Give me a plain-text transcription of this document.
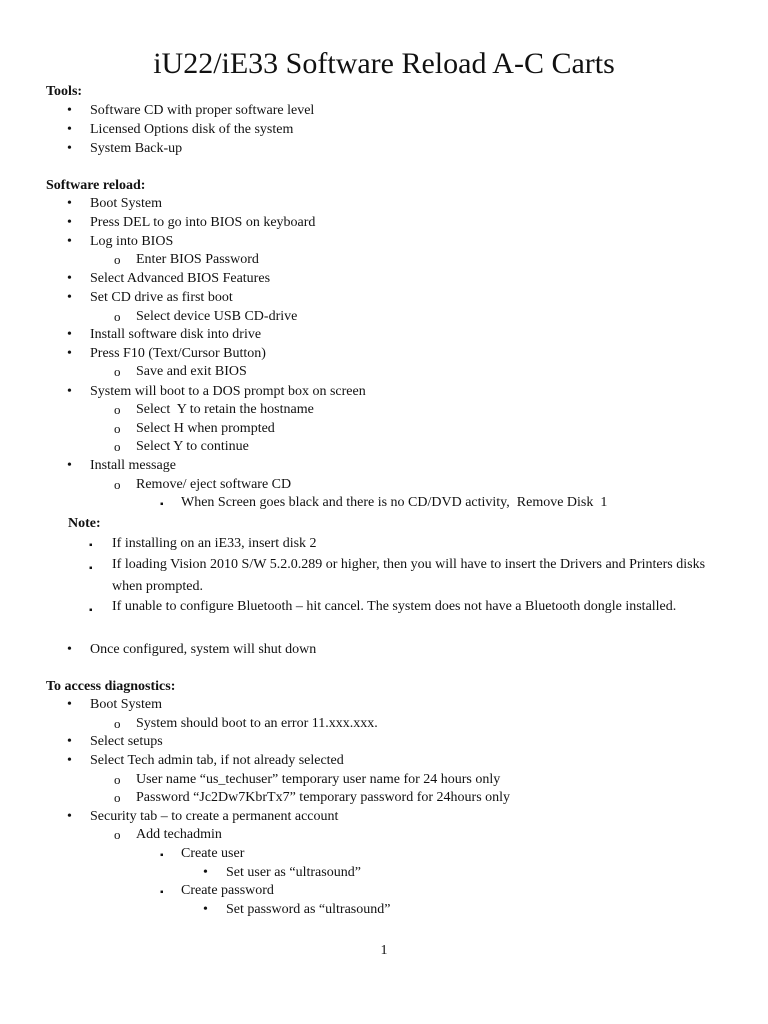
iU22/iE33 Software Reload A-C Carts
Tools:
• Software CD with proper software level
• Licensed Options disk of the system
• System Back-up
Software reload:
• Boot System
• Press DEL to go into BIOS on keyboard
• Log into BIOS
o Enter BIOS Password
• Select Advanced BIOS Features
• Set CD drive as first boot
o Select device USB CD-drive
• Install software disk into drive
• Press F10 (Text/Cursor Button)
o Save and exit BIOS
• System will boot to a DOS prompt box on screen
o Select  Y to retain the hostname
o Select H when prompted
o Select Y to continue
• Install message
o Remove/ eject software CD
▪ When Screen goes black and there is no CD/DVD activity,  Remove Disk  1
Note:
▪ If installing on an iE33, insert disk 2
▪ If loading Vision 2010 S/W 5.2.0.289 or higher, then you will have to insert the Drivers and Printers disks when prompted.
▪ If unable to configure Bluetooth – hit cancel. The system does not have a Bluetooth dongle installed.
• Once configured, system will shut down
To access diagnostics:
• Boot System
o System should boot to an error 11.xxx.xxx.
• Select setups
• Select Tech admin tab, if not already selected
o User name “us_techuser” temporary user name for 24 hours only
o Password “Jc2Dw7KbrTx7” temporary password for 24hours only
• Security tab – to create a permanent account
o Add techadmin
▪ Create user
• Set user as “ultrasound”
▪ Create password
• Set password as “ultrasound”
1
